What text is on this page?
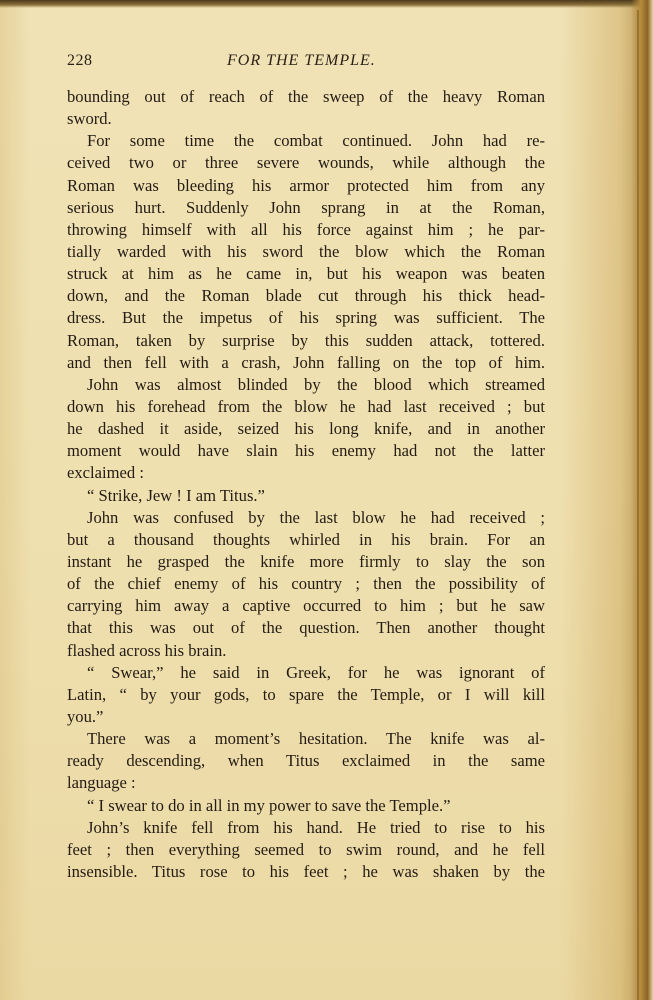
228	FOR THE TEMPLE.
bounding out of reach of the sweep of the heavy Roman
sword.
For some time the combat continued. John had re-
ceived two or three severe wounds, while although the
Roman was bleeding his armor protected him from any
serious hurt. Suddenly John sprang in at the Roman,
throwing himself with all his force against him ; he par-
tially warded with his sword the blow which the Roman
struck at him as he came in, but his weapon was beaten
down, and the Roman blade cut through his thick head-
dress. But the impetus of his spring was sufficient. The
Roman, taken by surprise by this sudden attack, tottered.
and then fell with a crash, John falling on the top of him.
John was almost blinded by the blood which streamed
down his forehead from the blow he had last received ; but
he dashed it aside, seized his long knife, and in another
moment would have slain his enemy had not the latter
exclaimed :
“ Strike, Jew ! I am Titus.”
John was confused by the last blow he had received ;
but a thousand thoughts whirled in his brain. For an
instant he grasped the knife more firmly to slay the son
of the chief enemy of his country ; then the possibility of
carrying him away a captive occurred to him ; but he saw
that this was out of the question. Then another thought
flashed across his brain.
“ Swear,” he said in Greek, for he was ignorant of
Latin, “ by your gods, to spare the Temple, or I will kill
you.”
There was a moment’s hesitation. The knife was al-
ready descending, when Titus exclaimed in the same
language :
“ I swear to do in all in my power to save the Temple.”
John’s knife fell from his hand. He tried to rise to his
feet ; then everything seemed to swim round, and he fell
insensible. Titus rose to his feet ; he was shaken by the
